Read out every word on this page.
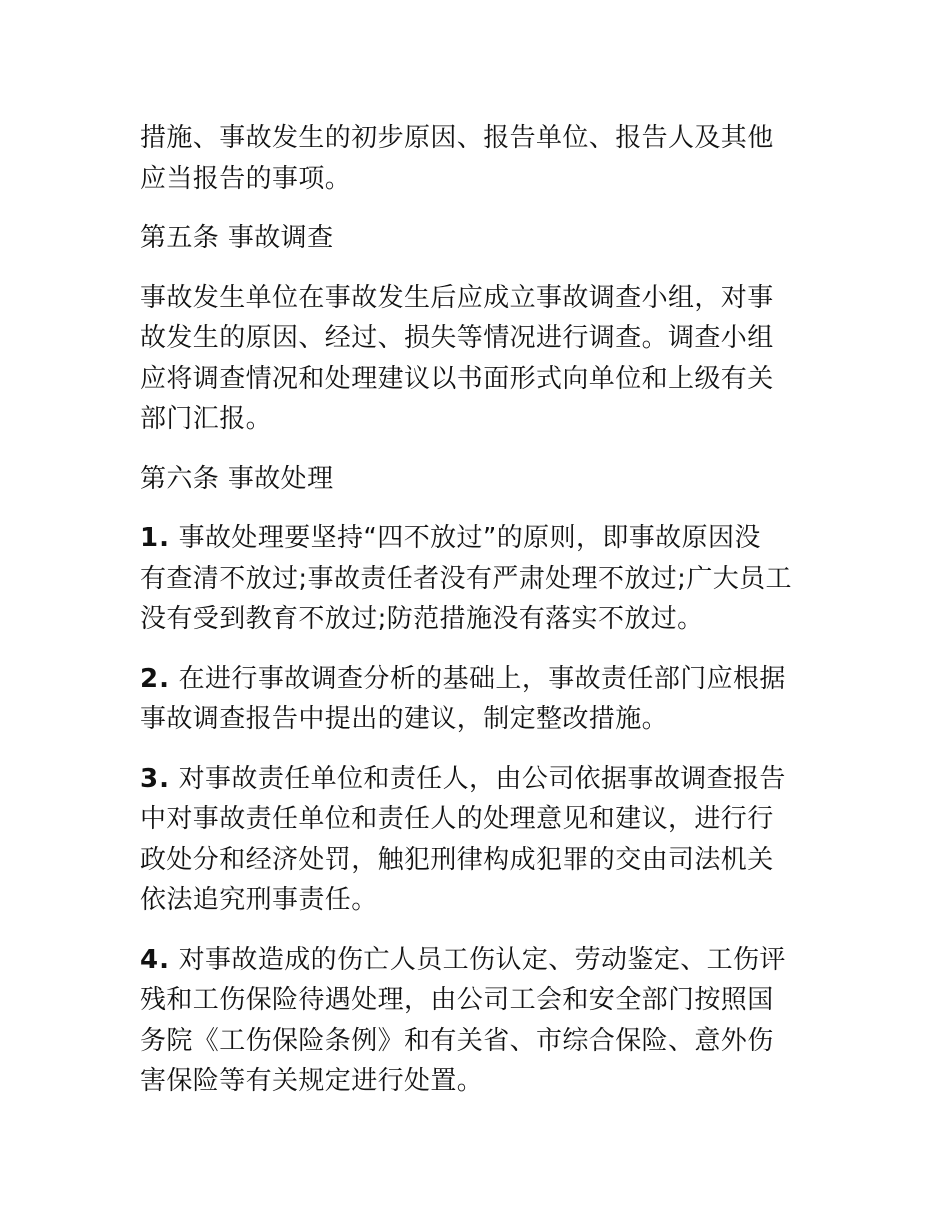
措施、事故发生的初步原因、报告单位、报告人及其他
应当报告的事项。

第五条 事故调查

事故发生单位在事故发生后应成立事故调查小组，对事
故发生的原因、经过、损失等情况进行调查。调查小组
应将调查情况和处理建议以书面形式向单位和上级有关
部门汇报。

第六条 事故处理

1. 事故处理要坚持“四不放过”的原则，即事故原因没
有查清不放过;事故责任者没有严肃处理不放过;广大员工
没有受到教育不放过;防范措施没有落实不放过。

2. 在进行事故调查分析的基础上，事故责任部门应根据
事故调查报告中提出的建议，制定整改措施。

3. 对事故责任单位和责任人，由公司依据事故调查报告
中对事故责任单位和责任人的处理意见和建议，进行行
政处分和经济处罚，触犯刑律构成犯罪的交由司法机关
依法追究刑事责任。

4. 对事故造成的伤亡人员工伤认定、劳动鉴定、工伤评
残和工伤保险待遇处理，由公司工会和安全部门按照国
务院《工伤保险条例》和有关省、市综合保险、意外伤
害保险等有关规定进行处置。
